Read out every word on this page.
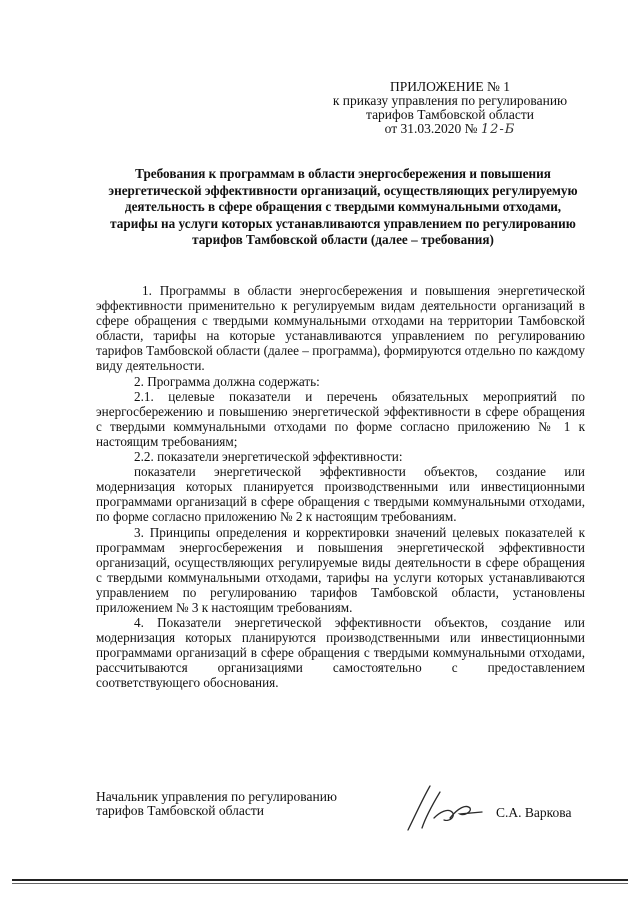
ПРИЛОЖЕНИЕ № 1
к приказу управления по регулированию
тарифов Тамбовской области
от 31.03.2020 № 12-Б
Требования к программам в области энергосбережения и повышения энергетической эффективности организаций, осуществляющих регулируемую деятельность в сфере обращения с твердыми коммунальными отходами, тарифы на услуги которых устанавливаются управлением по регулированию тарифов Тамбовской области (далее – требования)

1. Программы в области энергосбережения и повышения энергетической эффективности применительно к регулируемым видам деятельности организаций в сфере обращения с твердыми коммунальными отходами на территории Тамбовской области, тарифы на которые устанавливаются управлением по регулированию тарифов Тамбовской области (далее – программа), формируются отдельно по каждому виду деятельности.

2. Программа должна содержать:

2.1. целевые показатели и перечень обязательных мероприятий по энергосбережению и повышению энергетической эффективности в сфере обращения с твердыми коммунальными отходами по форме согласно приложению № 1 к настоящим требованиям;

2.2. показатели энергетической эффективности:

показатели энергетической эффективности объектов, создание или модернизация которых планируется производственными или инвестиционными программами организаций в сфере обращения с твердыми коммунальными отходами, по форме согласно приложению № 2 к настоящим требованиям.

3. Принципы определения и корректировки значений целевых показателей к программам энергосбережения и повышения энергетической эффективности организаций, осуществляющих регулируемые виды деятельности в сфере обращения с твердыми коммунальными отходами, тарифы на услуги которых устанавливаются управлением по регулированию тарифов Тамбовской области, установлены приложением № 3 к настоящим требованиям.

4. Показатели энергетической эффективности объектов, создание или модернизация которых планируются производственными или инвестиционными программами организаций в сфере обращения с твердыми коммунальными отходами, рассчитываются организациями самостоятельно с предоставлением соответствующего обоснования.

Начальник управления по регулированию
тарифов Тамбовской области	С.А. Варкова
